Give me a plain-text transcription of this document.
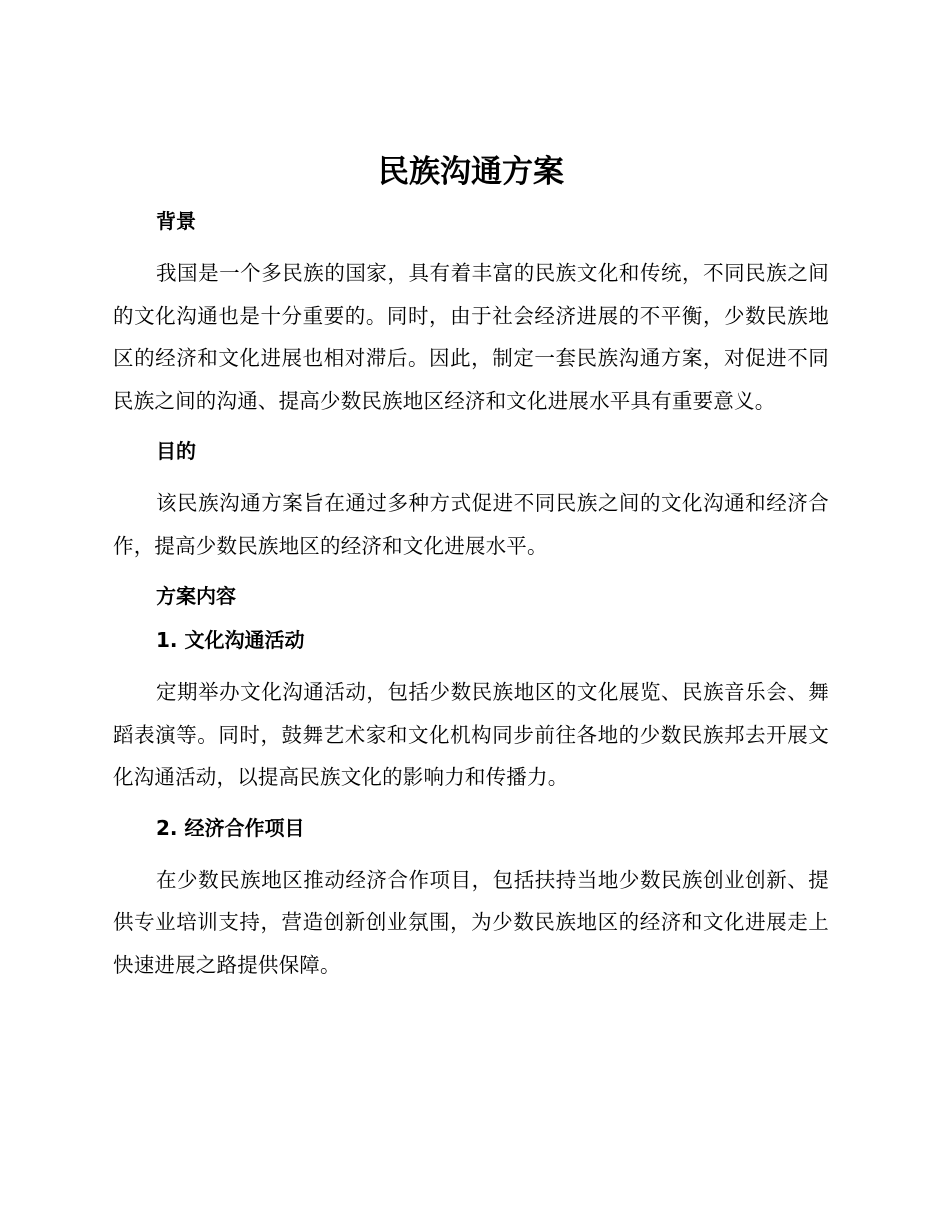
民族沟通方案
背景

我国是一个多民族的国家，具有着丰富的民族文化和传统，不同民族之间的文化沟通也是十分重要的。同时，由于社会经济进展的不平衡，少数民族地区的经济和文化进展也相对滞后。因此，制定一套民族沟通方案，对促进不同民族之间的沟通、提高少数民族地区经济和文化进展水平具有重要意义。

目的

该民族沟通方案旨在通过多种方式促进不同民族之间的文化沟通和经济合作，提高少数民族地区的经济和文化进展水平。

方案内容
1. 文化沟通活动

定期举办文化沟通活动，包括少数民族地区的文化展览、民族音乐会、舞蹈表演等。同时，鼓舞艺术家和文化机构同步前往各地的少数民族邦去开展文化沟通活动，以提高民族文化的影响力和传播力。

2. 经济合作项目

在少数民族地区推动经济合作项目，包括扶持当地少数民族创业创新、提供专业培训支持，营造创新创业氛围，为少数民族地区的经济和文化进展走上快速进展之路提供保障。
